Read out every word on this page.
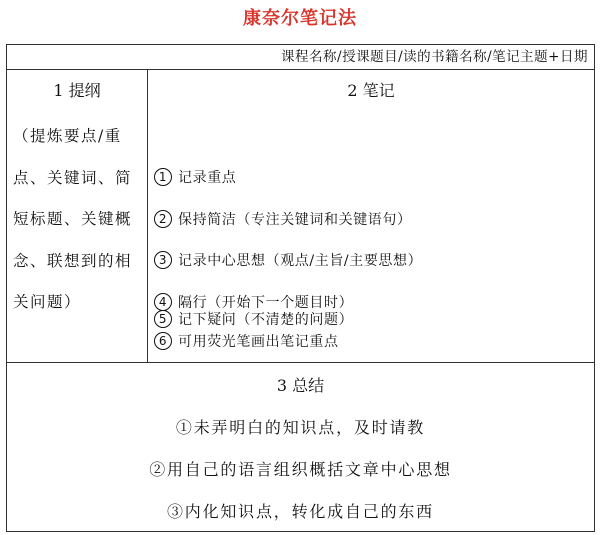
康奈尔笔记法
课程名称/授课题目/读的书籍名称/笔记主题+日期
1 提纲
（提炼要点/重点、关键词、简短标题、关键概念、联想到的相关问题）
2 笔记
1 记录重点
2 保持简洁（专注关键词和关键语句）
3 记录中心思想（观点/主旨/主要思想）
4 隔行（开始下一个题目时）
5 记下疑问（不清楚的问题）
6 可用荧光笔画出笔记重点
3 总结
①未弄明白的知识点，及时请教
②用自己的语言组织概括文章中心思想
③内化知识点，转化成自己的东西
